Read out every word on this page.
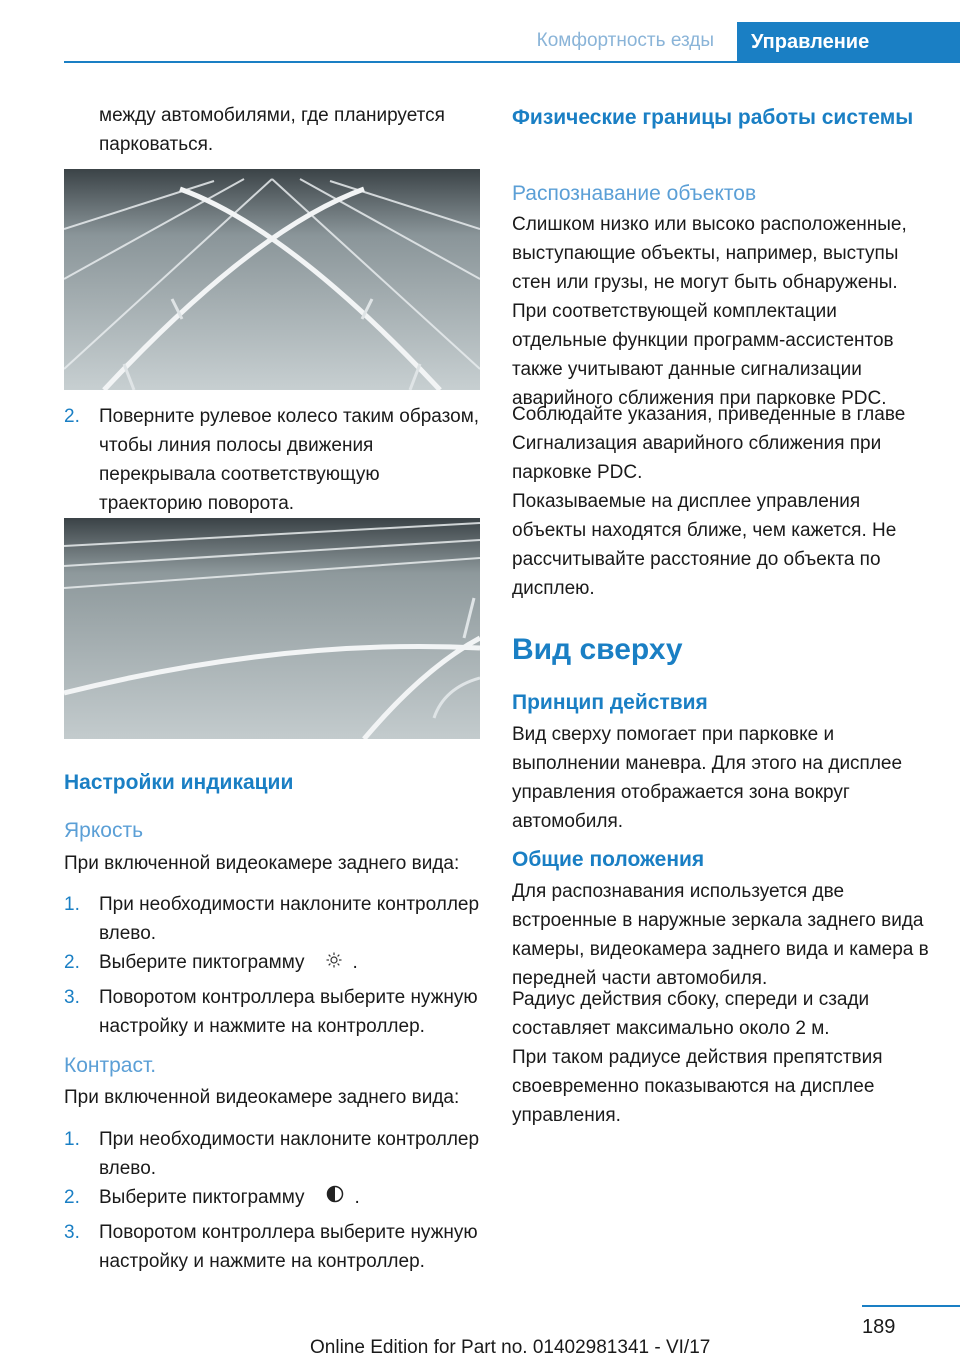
Комфортность езды	Управление

между автомобилями, где планируется парковаться.

2. Поверните рулевое колесо таким образом, чтобы линия полосы движения перекрывала соответствующую траекторию поворота.

Настройки индикации
Яркость

При включенной видеокамере заднего вида:

1. При необходимости наклоните контроллер влево.

2. Выберите пиктограмму	.

3. Поворотом контроллера выберите нужную настройку и нажмите на контроллер.

Контраст.

При включенной видеокамере заднего вида:

1. При необходимости наклоните контроллер влево.

2. Выберите пиктограмму	.

3. Поворотом контроллера выберите нужную настройку и нажмите на контроллер.

Физические границы работы системы
Распознавание объектов

Слишком низко или высоко расположенные, выступающие объекты, например, выступы стен или грузы, не могут быть обнаружены.

При соответствующей комплектации отдельные функции программ-ассистентов также учитывают данные сигнализации аварийного сближения при парковке PDC.

Соблюдайте указания, приведенные в главе Сигнализация аварийного сближения при парковке PDC.

Показываемые на дисплее управления объекты находятся ближе, чем кажется. Не рассчитывайте расстояние до объекта по дисплею.

Вид сверху
Принцип действия

Вид сверху помогает при парковке и выполнении маневра. Для этого на дисплее управления отображается зона вокруг автомобиля.

Общие положения

Для распознавания используется две встроенные в наружные зеркала заднего вида камеры, видеокамера заднего вида и камера в передней части автомобиля.

Радиус действия сбоку, спереди и сзади составляет максимально около 2 м.

При таком радиусе действия препятствия своевременно показываются на дисплее управления.

189
Online Edition for Part no. 01402981341 - VI/17
